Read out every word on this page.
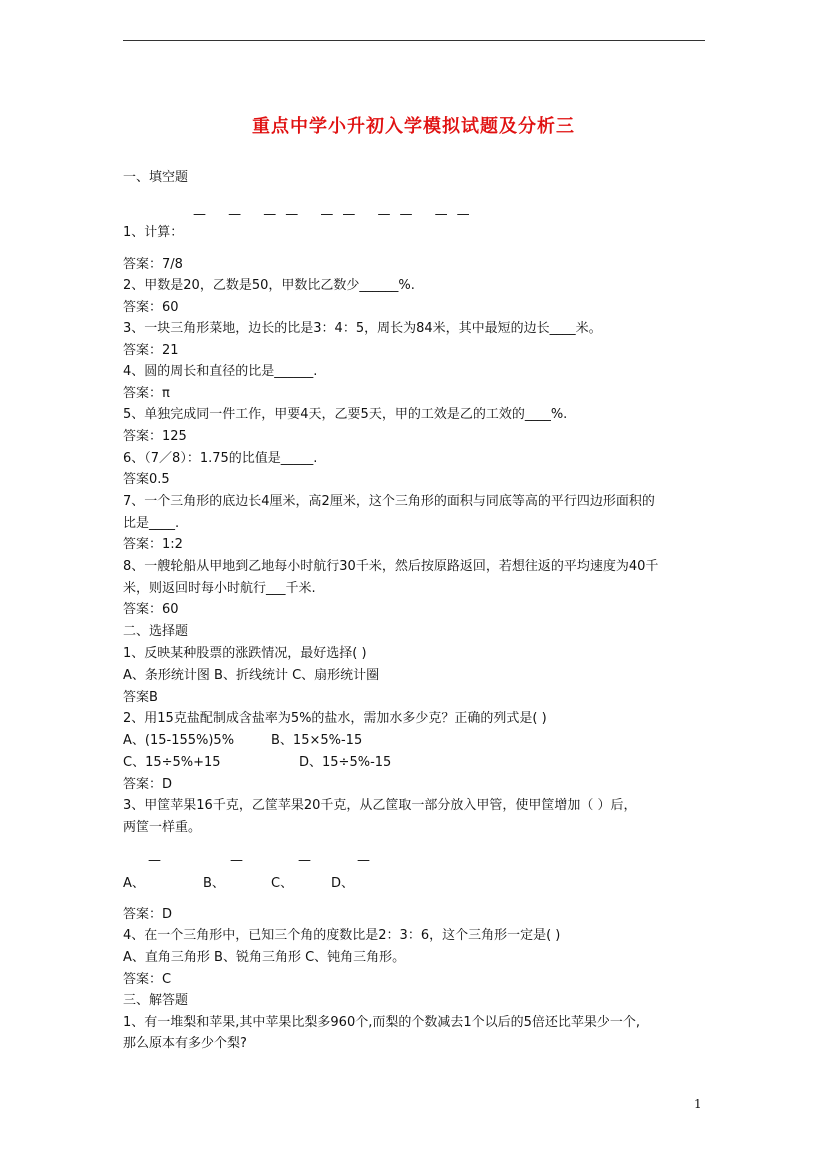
重点中学小升初入学模拟试题及分析三
一、填空题
— — —— —— —— ——
1、计算：
答案：7/8
2、甲数是20，乙数是50，甲数比乙数少______%.
答案：60
3、一块三角形菜地，边长的比是3：4：5，周长为84米，其中最短的边长____米。
答案：21
4、圆的周长和直径的比是______.
答案：π
5、单独完成同一件工作，甲要4天，乙要5天，甲的工效是乙的工效的____%.
答案：125
6、（7／8）：1.75的比值是_____.
答案0.5
7、一个三角形的底边长4厘米，高2厘米，这个三角形的面积与同底等高的平行四边形面积的
比是____.
答案：1:2
8、一艘轮船从甲地到乙地每小时航行30千米，然后按原路返回，若想往返的平均速度为40千
米，则返回时每小时航行___千米.
答案：60
二、选择题
1、反映某种股票的涨跌情况，最好选择( )
A、条形统计图 B、折线统计 C、扇形统计圈
答案B
2、用15克盐配制成含盐率为5%的盐水，需加水多少克？正确的列式是( )
A、(15-155%)5%	B、15×5%-15
C、15÷5%+15	D、15÷5%-15
答案：D
3、甲筐苹果16千克，乙筐苹果20千克，从乙筐取一部分放入甲管，使甲筐增加（ ）后，
两筐一样重。
—	—	—	—
A、	B、	C、	D、
答案：D
4、在一个三角形中，已知三个角的度数比是2：3：6，这个三角形一定是( )
A、直角三角形 B、锐角三角形 C、钝角三角形。
答案：C
三、解答题
1、有一堆梨和苹果,其中苹果比梨多960个,而梨的个数减去1个以后的5倍还比苹果少一个,
那么原本有多少个梨?
1
